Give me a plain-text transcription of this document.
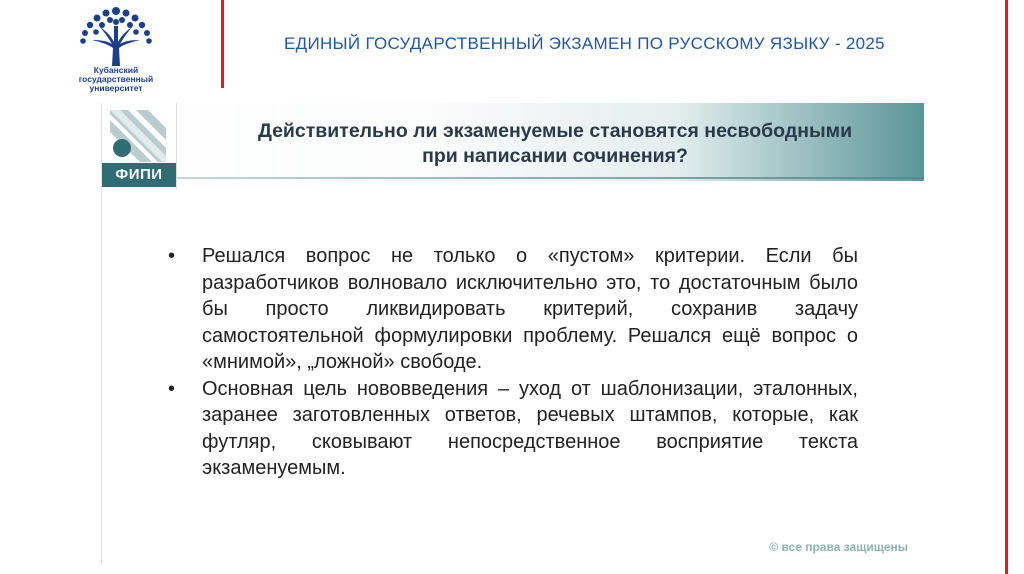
Кубанский
государственный
университет
ЕДИНЫЙ ГОСУДАРСТВЕННЫЙ ЭКЗАМЕН ПО РУССКОМУ ЯЗЫКУ - 2025
ФИПИ
Действительно ли экзаменуемые становятся несвободными
при написании сочинения?
• Решался вопрос не только о «пустом» критерии. Если бы разработчиков волновало исключительно это, то достаточным было бы просто ликвидировать критерий, сохранив задачу самостоятельной формулировки проблему. Решался ещё вопрос о «мнимой», „ложной» свободе.
• Основная цель нововведения – уход от шаблонизации, эталонных, заранее заготовленных ответов, речевых штампов, которые, как футляр, сковывают непосредственное восприятие текста экзаменуемым.
© все права защищены
